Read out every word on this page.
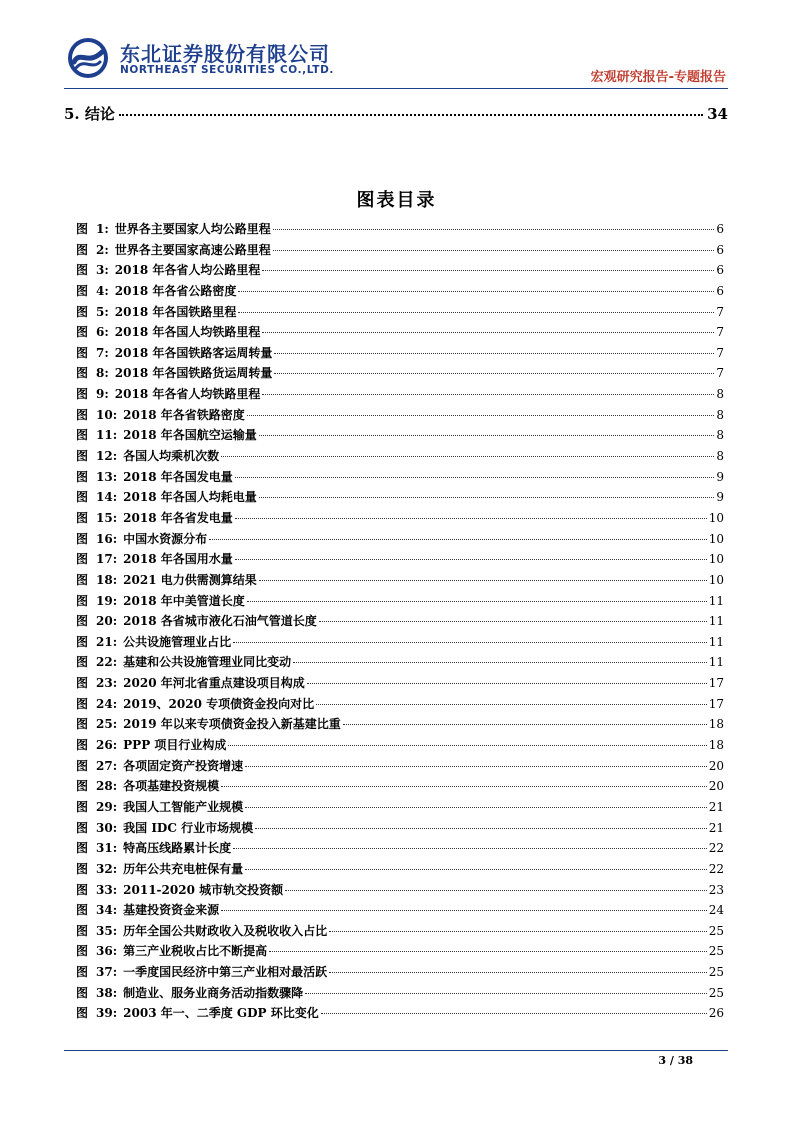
东北证券股份有限公司
NORTHEAST SECURITIES CO.,LTD.	宏观研究报告-专题报告
5. 结论	34
图表目录
图 1: 世界各主要国家人均公路里程	6
图 2: 世界各主要国家高速公路里程	6
图 3: 2018 年各省人均公路里程	6
图 4: 2018 年各省公路密度	6
图 5: 2018 年各国铁路里程	7
图 6: 2018 年各国人均铁路里程	7
图 7: 2018 年各国铁路客运周转量	7
图 8: 2018 年各国铁路货运周转量	7
图 9: 2018 年各省人均铁路里程	8
图 10: 2018 年各省铁路密度	8
图 11: 2018 年各国航空运输量	8
图 12: 各国人均乘机次数	8
图 13: 2018 年各国发电量	9
图 14: 2018 年各国人均耗电量	9
图 15: 2018 年各省发电量	10
图 16: 中国水资源分布	10
图 17: 2018 年各国用水量	10
图 18: 2021 电力供需测算结果	10
图 19: 2018 年中美管道长度	11
图 20: 2018 各省城市液化石油气管道长度	11
图 21: 公共设施管理业占比	11
图 22: 基建和公共设施管理业同比变动	11
图 23: 2020 年河北省重点建设项目构成	17
图 24: 2019、2020 专项债资金投向对比	17
图 25: 2019 年以来专项债资金投入新基建比重	18
图 26: PPP 项目行业构成	18
图 27: 各项固定资产投资增速	20
图 28: 各项基建投资规模	20
图 29: 我国人工智能产业规模	21
图 30: 我国 IDC 行业市场规模	21
图 31: 特高压线路累计长度	22
图 32: 历年公共充电桩保有量	22
图 33: 2011-2020 城市轨交投资额	23
图 34: 基建投资资金来源	24
图 35: 历年全国公共财政收入及税收收入占比	25
图 36: 第三产业税收占比不断提高	25
图 37: 一季度国民经济中第三产业相对最活跃	25
图 38: 制造业、服务业商务活动指数骤降	25
图 39: 2003 年一、二季度 GDP 环比变化	26
3 / 38
